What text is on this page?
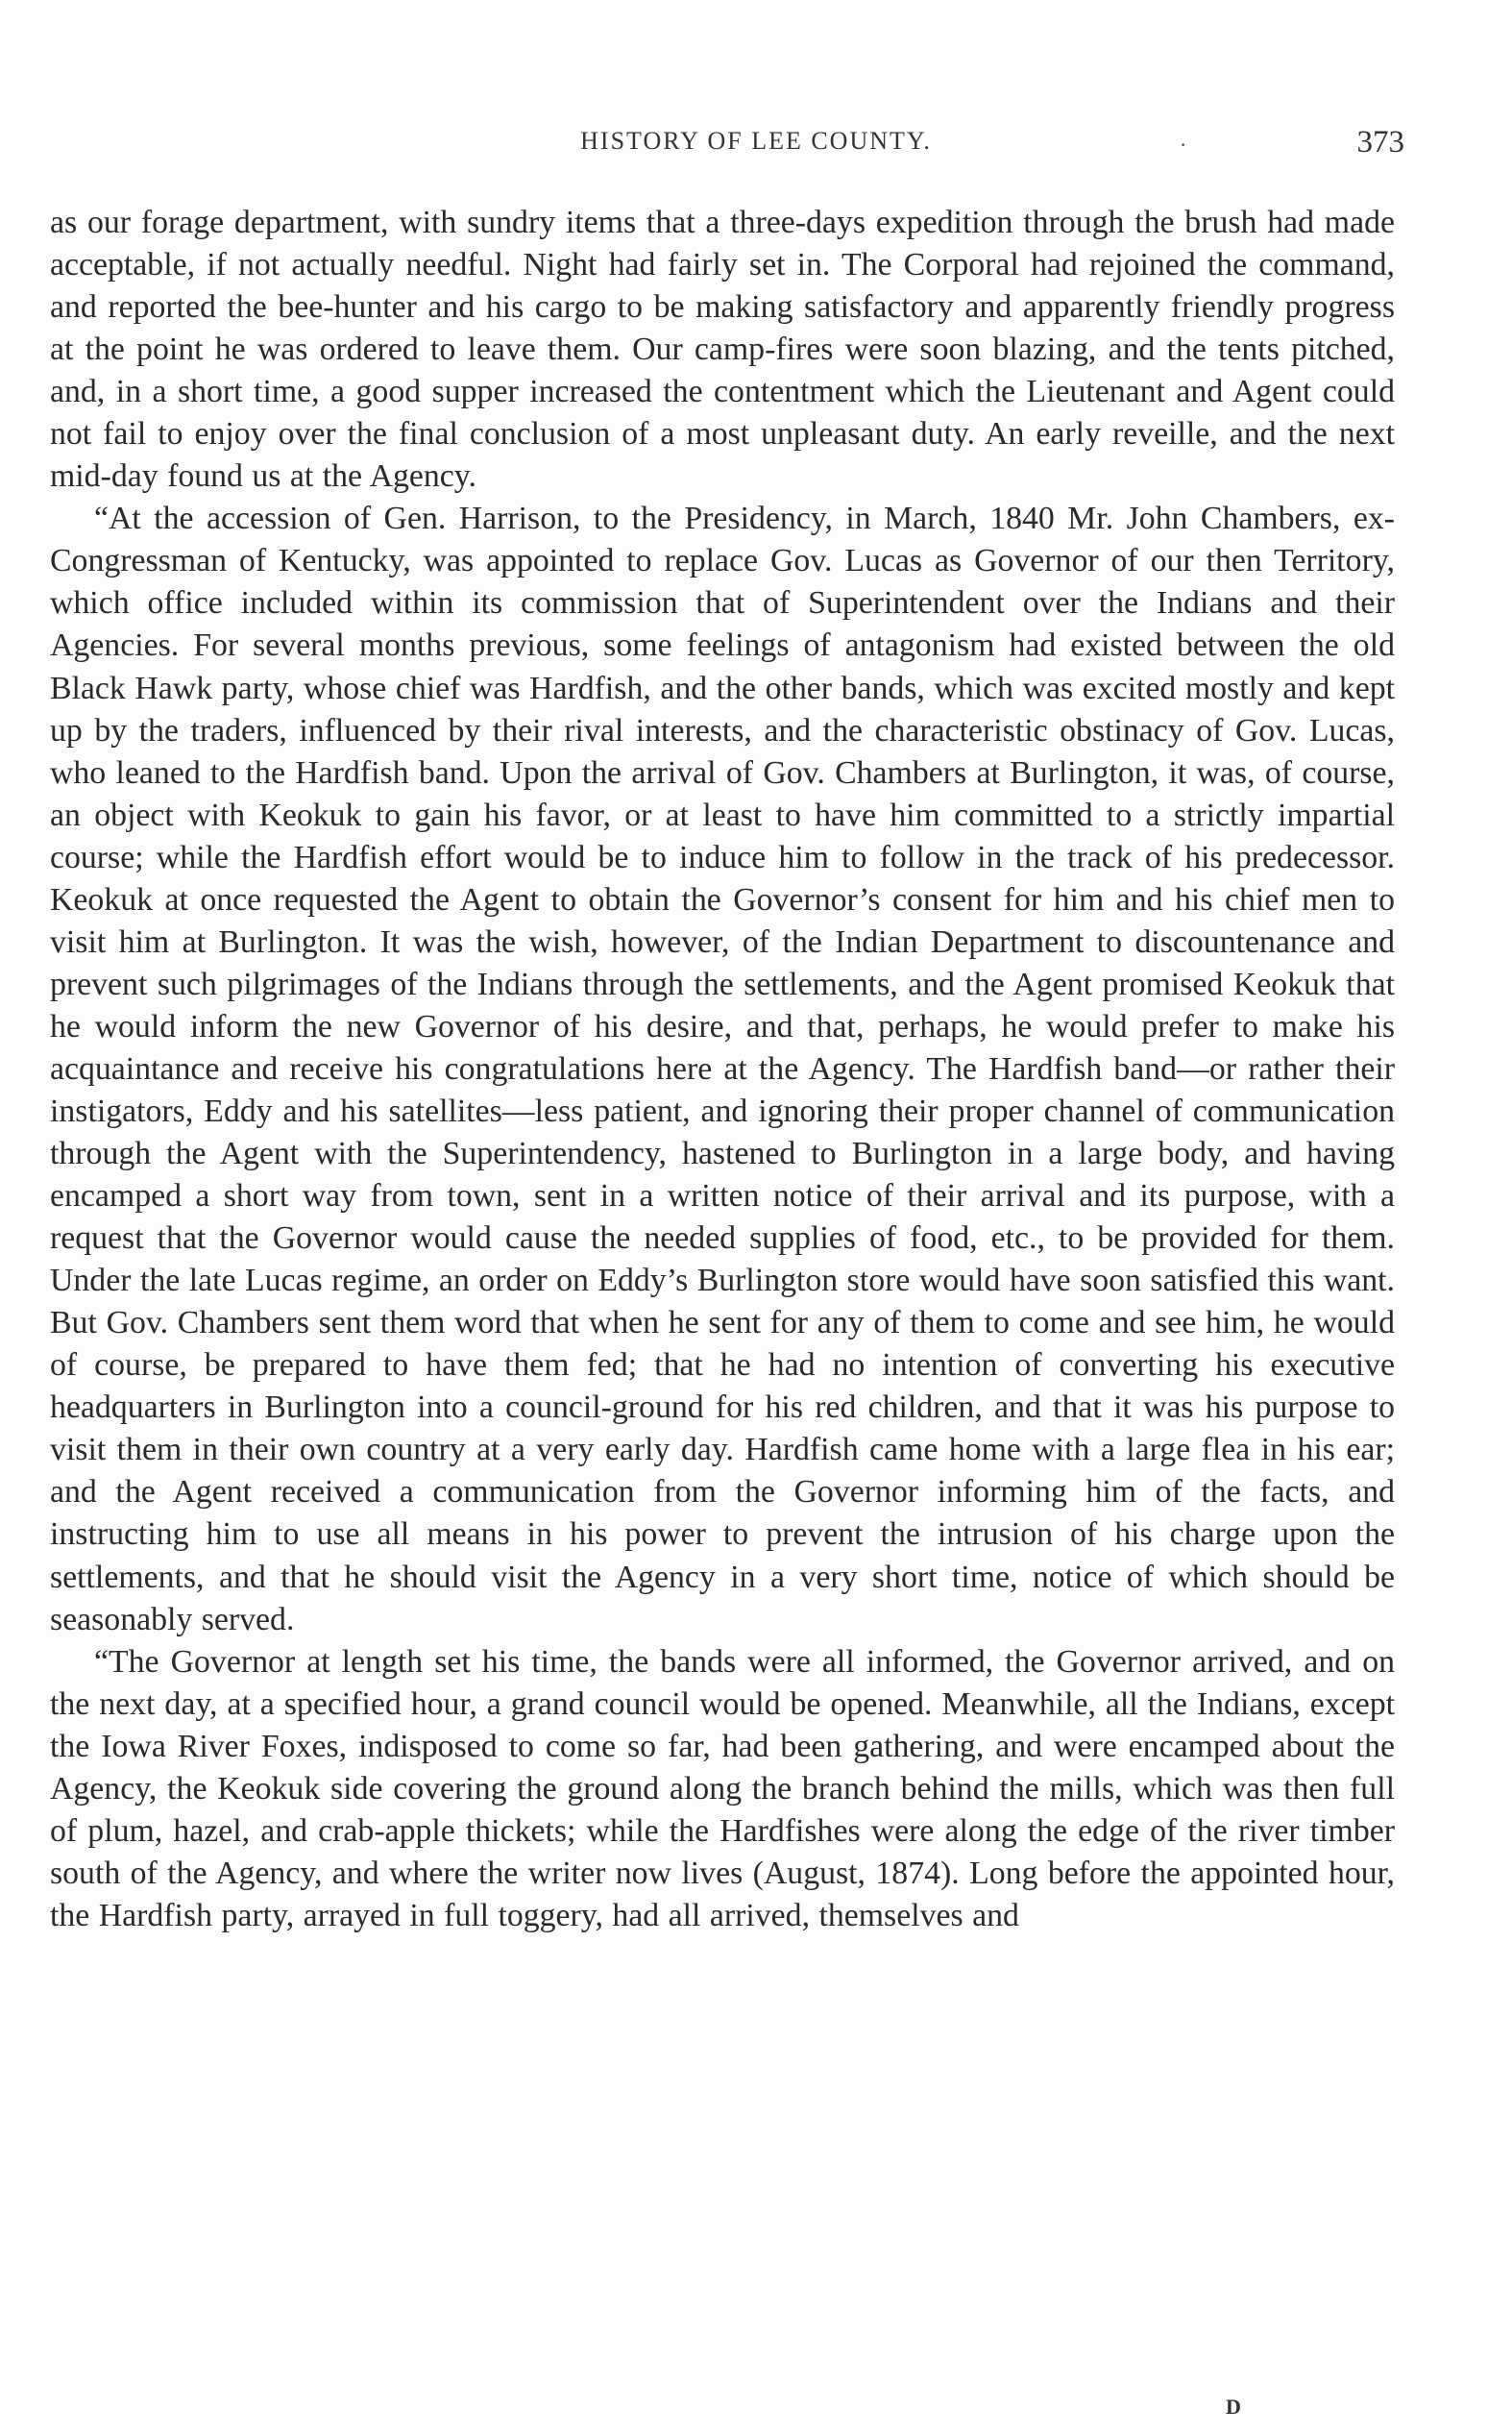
HISTORY OF LEE COUNTY.	·	373

as our forage department, with sundry items that a three-days expedition through the brush had made acceptable, if not actually needful. Night had fairly set in. The Corporal had rejoined the command, and reported the bee-hunter and his cargo to be making satisfactory and apparently friendly progress at the point he was ordered to leave them. Our camp-fires were soon blazing, and the tents pitched, and, in a short time, a good supper increased the contentment which the Lieutenant and Agent could not fail to enjoy over the final conclusion of a most unpleasant duty. An early reveille, and the next mid-day found us at the Agency.

“At the accession of Gen. Harrison, to the Presidency, in March, 1840 Mr. John Chambers, ex-Congressman of Kentucky, was appointed to replace Gov. Lucas as Governor of our then Territory, which office included within its commission that of Superintendent over the Indians and their Agencies. For several months previous, some feelings of antagonism had existed between the old Black Hawk party, whose chief was Hardfish, and the other bands, which was excited mostly and kept up by the traders, influenced by their rival interests, and the characteristic obstinacy of Gov. Lucas, who leaned to the Hardfish band. Upon the arrival of Gov. Chambers at Burlington, it was, of course, an object with Keokuk to gain his favor, or at least to have him committed to a strictly impartial course; while the Hardfish effort would be to induce him to follow in the track of his predecessor. Keokuk at once requested the Agent to obtain the Governor’s consent for him and his chief men to visit him at Burlington. It was the wish, however, of the Indian Department to discountenance and prevent such pilgrimages of the Indians through the settlements, and the Agent promised Keokuk that he would inform the new Governor of his desire, and that, perhaps, he would prefer to make his acquaintance and receive his congratulations here at the Agency. The Hardfish band—or rather their instigators, Eddy and his satellites—less patient, and ignoring their proper channel of communication through the Agent with the Superintendency, hastened to Burlington in a large body, and having encamped a short way from town, sent in a written notice of their arrival and its purpose, with a request that the Governor would cause the needed supplies of food, etc., to be provided for them. Under the late Lucas regime, an order on Eddy’s Burlington store would have soon satisfied this want. But Gov. Chambers sent them word that when he sent for any of them to come and see him, he would of course, be prepared to have them fed; that he had no intention of converting his executive headquarters in Burlington into a council-ground for his red children, and that it was his purpose to visit them in their own country at a very early day. Hardfish came home with a large flea in his ear; and the Agent received a communication from the Governor informing him of the facts, and instructing him to use all means in his power to prevent the intrusion of his charge upon the settlements, and that he should visit the Agency in a very short time, notice of which should be seasonably served.

“The Governor at length set his time, the bands were all informed, the Governor arrived, and on the next day, at a specified hour, a grand council would be opened. Meanwhile, all the Indians, except the Iowa River Foxes, indisposed to come so far, had been gathering, and were encamped about the Agency, the Keokuk side covering the ground along the branch behind the mills, which was then full of plum, hazel, and crab-apple thickets; while the Hardfishes were along the edge of the river timber south of the Agency, and where the writer now lives (August, 1874). Long before the appointed hour, the Hardfish party, arrayed in full toggery, had all arrived, themselves and

D
